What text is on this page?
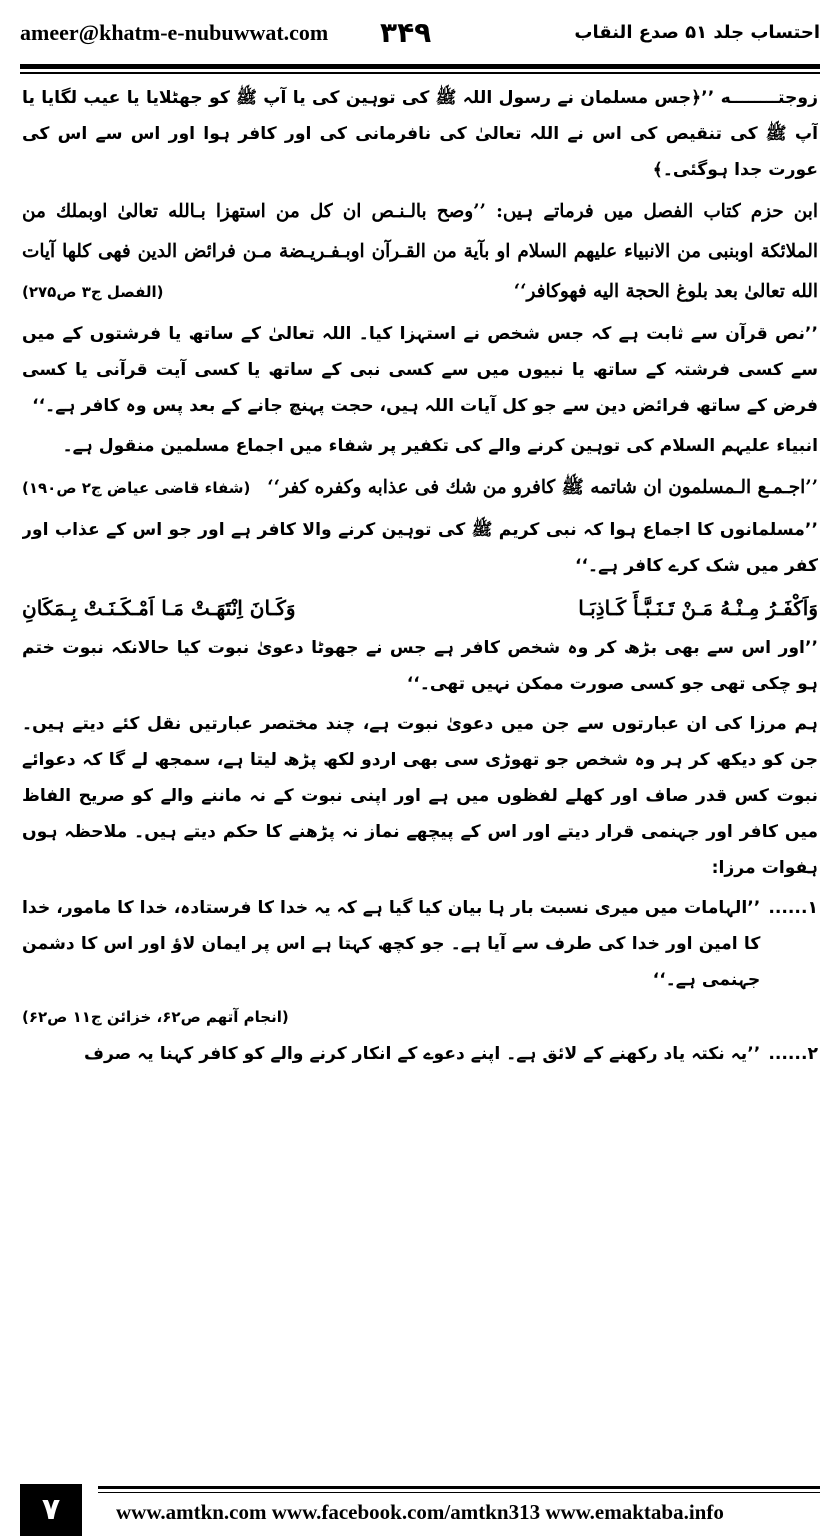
ameer@khatm-e-nubuwwat.com ۳۴۹	احتساب جلد ۵۱ صدع النقاب

زوجتــــــــه ’’﴿جس مسلمان نے رسول اللہ ﷺ کی توہین کی یا آپ ﷺ کو جھٹلایا یا عیب لگایا یا آپ ﷺ کی تنقیص کی اس نے اللہ تعالیٰ کی نافرمانی کی اور کافر ہوا اور اس سے اس کی عورت جدا ہوگئی۔﴾

ابن حزم کتاب الفصل میں فرماتے ہیں: ’’وصح بالـنـص ان کل من استهزا بـالله تعالیٰ اوبملك من الملائكة اوبنبی من الانبیاء علیهم السلام او بآیة من القـرآن اوبـفـریـضة مـن فرائض الدین فهی كلها آیات الله تعالیٰ بعد بلوغ الحجة الیه فهوکافر‘‘
(الفصل ج۳ ص۲۷۵)

’’نص قرآن سے ثابت ہے کہ جس شخص نے استہزا کیا۔ اللہ تعالیٰ کے ساتھ یا فرشتوں کے میں سے کسی فرشتہ کے ساتھ یا نبیوں میں سے کسی نبی کے ساتھ یا کسی آیت قرآنی یا کسی فرض کے ساتھ فرائض دین سے جو کل آیات اللہ ہیں، حجت پہنچ جانے کے بعد پس وہ کافر ہے۔‘‘

انبیاء علیہم السلام کی توہین کرنے والے کی تکفیر پر شفاء میں اجماع مسلمین منقول ہے۔

’’اجـمـع الـمسلمون ان شاتمه ﷺ کافرو من شك فی عذابه وكفره كفر‘‘
(شفاء قاضی عیاض ج۲ ص۱۹۰)

’’مسلمانوں کا اجماع ہوا کہ نبی کریم ﷺ کی توہین کرنے والا کافر ہے اور جو اس کے عذاب اور کفر میں شک کرے کافر ہے۔‘‘

وَاَکْفَـرُ مِـنْـهُ مَـنْ تَـنَـبَّـأَ کَـاذِبَـا
وَکَـانَ اِنْتَهَـتْ مَـا اَمْـکَـنَـتْ بِـمَكَانِ

’’اور اس سے بھی بڑھ کر وہ شخص کافر ہے جس نے جھوٹا دعویٰ نبوت کیا حالانکہ نبوت ختم ہو چکی تھی جو کسی صورت ممکن نہیں تھی۔‘‘

ہم مرزا کی ان عبارتوں سے جن میں دعویٰ نبوت ہے، چند مختصر عبارتیں نقل کئے دیتے ہیں۔ جن کو دیکھ کر ہر وہ شخص جو تھوڑی سی بھی اردو لکھ پڑھ لیتا ہے، سمجھ لے گا کہ دعوائے نبوت کس قدر صاف اور کھلے لفظوں میں ہے اور اپنی نبوت کے نہ ماننے والے کو صریح الفاظ میں کافر اور جہنمی قرار دیتے اور اس کے پیچھے نماز نہ پڑھنے کا حکم دیتے ہیں۔ ملاحظہ ہوں ہفوات مرزا:

۱......
’’الہامات میں میری نسبت بار ہا بیان کیا گیا ہے کہ یہ خدا کا فرستادہ، خدا کا مامور، خدا کا امین اور خدا کی طرف سے آیا ہے۔ جو کچھ کہتا ہے اس پر ایمان لاؤ اور اس کا دشمن جہنمی ہے۔‘‘

(انجام آتھم ص۶۲، خزائن ج۱۱ ص۶۲)

۲......
’’یہ نکتہ یاد رکھنے کے لائق ہے۔ اپنے دعوے کے انکار کرنے والے کو کافر کہنا یہ صرف
۷	www.amtkn.com www.facebook.com/amtkn313 www.emaktaba.info
